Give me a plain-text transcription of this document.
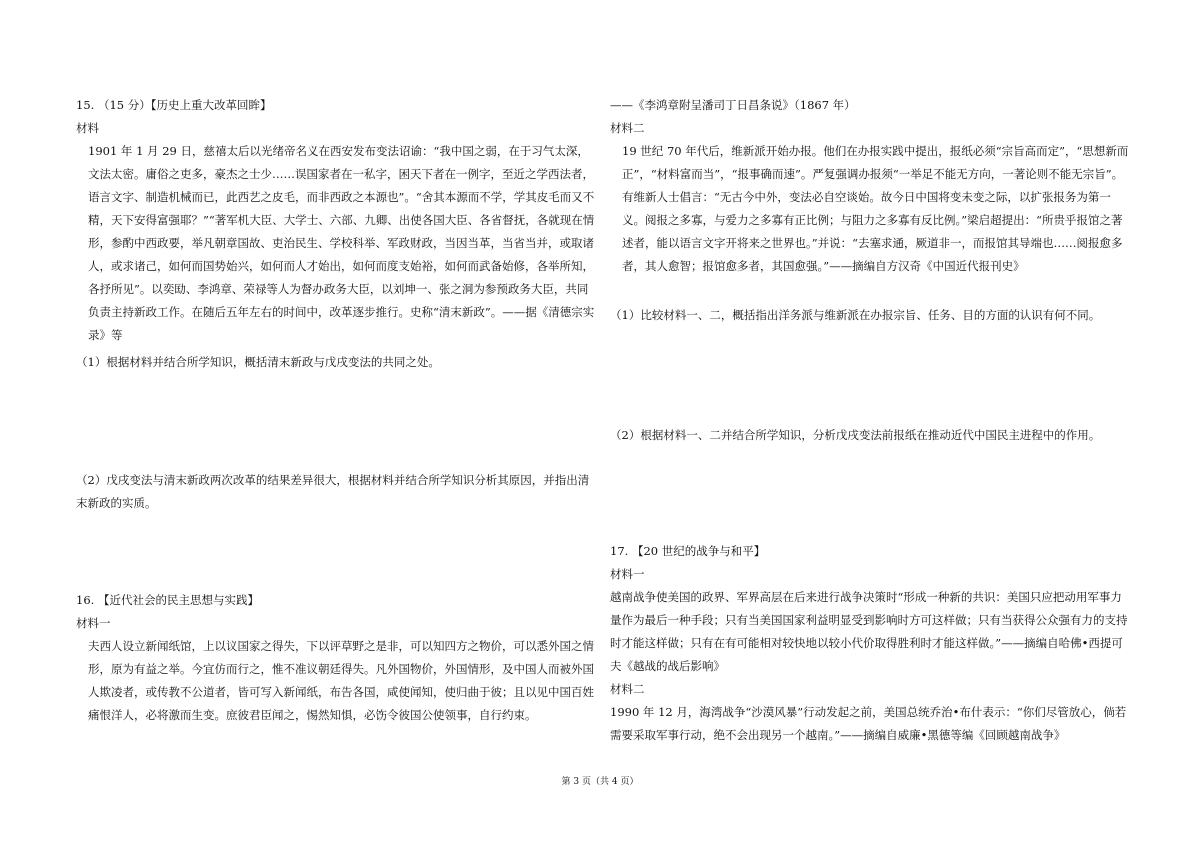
15. （15 分）【历史上重大改革回眸】
材料
1901 年 1 月 29 日，慈禧太后以光绪帝名义在西安发布变法诏谕：“我中国之弱，在于习气太深，文法太密。庸俗之吏多，豪杰之士少……误国家者在一私字，困天下者在一例字，至近之学西法者，语言文字、制造机械而已，此西艺之皮毛，而非西政之本源也”。“舍其本源而不学，学其皮毛而又不精，天下安得富强耶？”“著军机大臣、大学士、六部、九卿、出使各国大臣、各省督抚，各就现在情形，参酌中西政要，举凡朝章国故、吏治民生、学校科举、军政财政，当因当革，当省当并，或取诸人，或求诸己，如何而国势始兴，如何而人才始出，如何而度支始裕，如何而武备始修，各举所知，各抒所见”。以奕劻、李鸿章、荣禄等人为督办政务大臣，以刘坤一、张之洞为参预政务大臣，共同负责主持新政工作。在随后五年左右的时间中，改革逐步推行。史称“清末新政”。——据《清德宗实录》等
（1）根据材料并结合所学知识，概括清末新政与戊戌变法的共同之处。
（2）戊戌变法与清末新政两次改革的结果差异很大，根据材料并结合所学知识分析其原因，并指出清末新政的实质。
16. 【近代社会的民主思想与实践】
材料一
夫西人设立新闻纸馆，上以议国家之得失，下以评草野之是非，可以知四方之物价，可以悉外国之情形，原为有益之举。今宜仿而行之，惟不准议朝廷得失。凡外国物价，外国情形，及中国人而被外国人欺凌者，或传教不公道者，皆可写入新闻纸，布告各国，咸使闻知，使归曲于彼；且以见中国百姓痛恨洋人，必将激而生变。庶彼君臣闻之，惕然知惧，必饬令彼国公使领事，自行约束。
——《李鸿章附呈潘司丁日昌条说》（1867 年）
材料二
19 世纪 70 年代后，维新派开始办报。他们在办报实践中提出，报纸必须“宗旨高而定”，“思想新而正”，“材料富而当”，“报事确而速”。严复强调办报须“一举足不能无方向，一著论则不能无宗旨”。有维新人士倡言：“无古今中外，变法必自空谈始。故今日中国将变未变之际，以扩张报务为第一义。阅报之多寡，与爱力之多寡有正比例；与阻力之多寡有反比例。”梁启超提出：“所贵乎报馆之著述者，能以语言文字开将来之世界也。”并说：“去塞求通，厥道非一，而报馆其导端也……阅报愈多者，其人愈智；报馆愈多者，其国愈强。”——摘编自方汉奇《中国近代报刊史》
（1）比较材料一、二，概括指出洋务派与维新派在办报宗旨、任务、目的方面的认识有何不同。
（2）根据材料一、二并结合所学知识，分析戊戌变法前报纸在推动近代中国民主进程中的作用。
17. 【20 世纪的战争与和平】
材料一
越南战争使美国的政界、军界高层在后来进行战争决策时“形成一种新的共识：美国只应把动用军事力量作为最后一种手段；只有当美国国家利益明显受到影响时方可这样做；只有当获得公众强有力的支持时才能这样做；只有在有可能相对较快地以较小代价取得胜利时才能这样做。”——摘编自哈佛•西提可夫《越战的战后影响》
材料二
1990 年 12 月，海湾战争“沙漠风暴”行动发起之前，美国总统乔治•布什表示：“你们尽管放心，倘若需要采取军事行动，绝不会出现另一个越南。”——摘编自威廉•黑德等编《回顾越南战争》
第 3 页（共 4 页）
